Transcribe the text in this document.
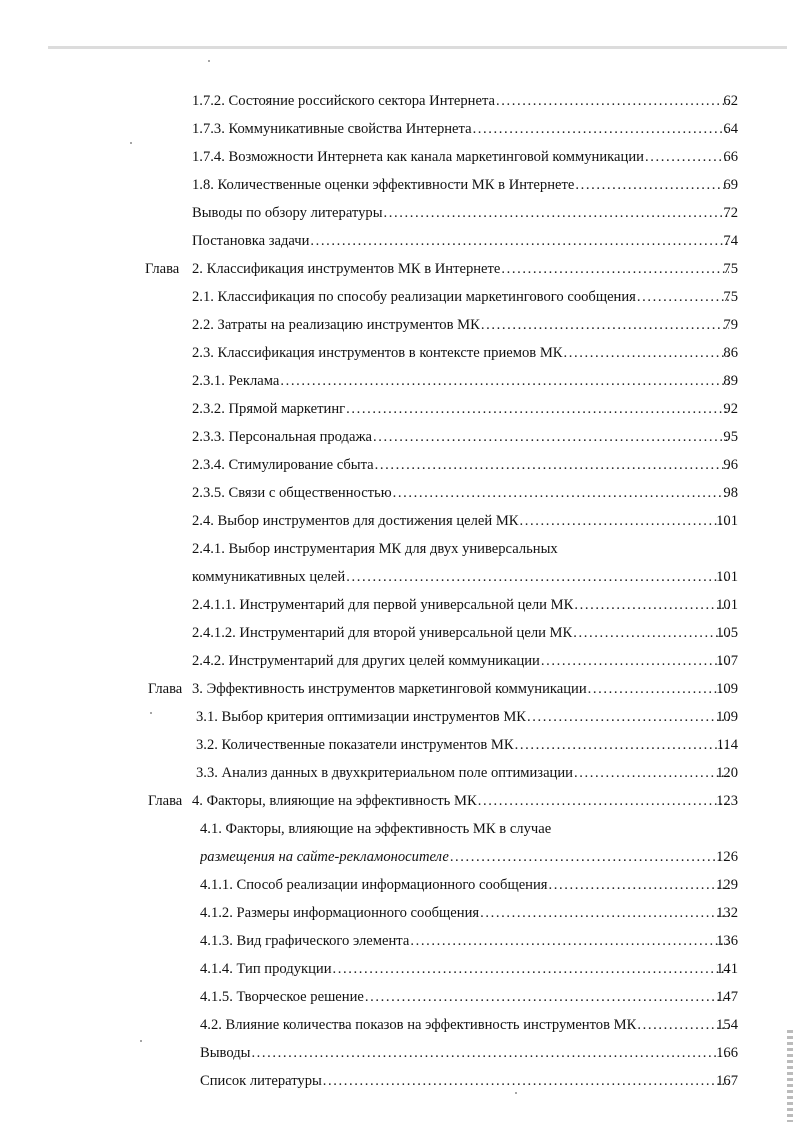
1.7.2. Состояние российского сектора Интернета .....	62
1.7.3. Коммуникативные свойства Интернета .....	64
1.7.4. Возможности Интернета как канала маркетинговой коммуникации .....	66
1.8. Количественные оценки эффективности МК в Интернете .....	69
Выводы по обзору литературы .....	72
Постановка задачи .....	74
Глава 2. Классификация инструментов МК в Интернете .....	75
2.1. Классификация по способу реализации маркетингового сообщения .....	75
2.2. Затраты на реализацию инструментов МК .....	79
2.3. Классификация инструментов в контексте приемов МК .....	86
2.3.1. Реклама .....	89
2.3.2. Прямой маркетинг .....	92
2.3.3. Персональная продажа .....	95
2.3.4. Стимулирование сбыта .....	96
2.3.5. Связи с общественностью .....	98
2.4. Выбор инструментов для достижения целей МК .....	101
2.4.1. Выбор инструментария МК для двух универсальных
коммуникативных целей .....	101
2.4.1.1. Инструментарий для первой универсальной цели МК .....	101
2.4.1.2. Инструментарий для второй универсальной цели МК .....	105
2.4.2. Инструментарий для других целей коммуникации .....	107
Глава 3. Эффективность инструментов маркетинговой коммуникации .....	109
3.1. Выбор критерия оптимизации инструментов МК .....	109
3.2. Количественные показатели инструментов МК .....	114
3.3. Анализ данных в двухкритериальном поле оптимизации .....	120
Глава 4. Факторы, влияющие на эффективность МК .....	123
4.1. Факторы, влияющие на эффективность МК в случае
размещения на сайте-рекламоносителе .....	126
4.1.1. Способ реализации информационного сообщения .....	129
4.1.2. Размеры информационного сообщения .....	132
4.1.3. Вид графического элемента .....	136
4.1.4. Тип продукции .....	141
4.1.5. Творческое решение .....	147
4.2. Влияние количества показов на эффективность инструментов МК .....	154
Выводы .....	166
Список литературы .....	167
